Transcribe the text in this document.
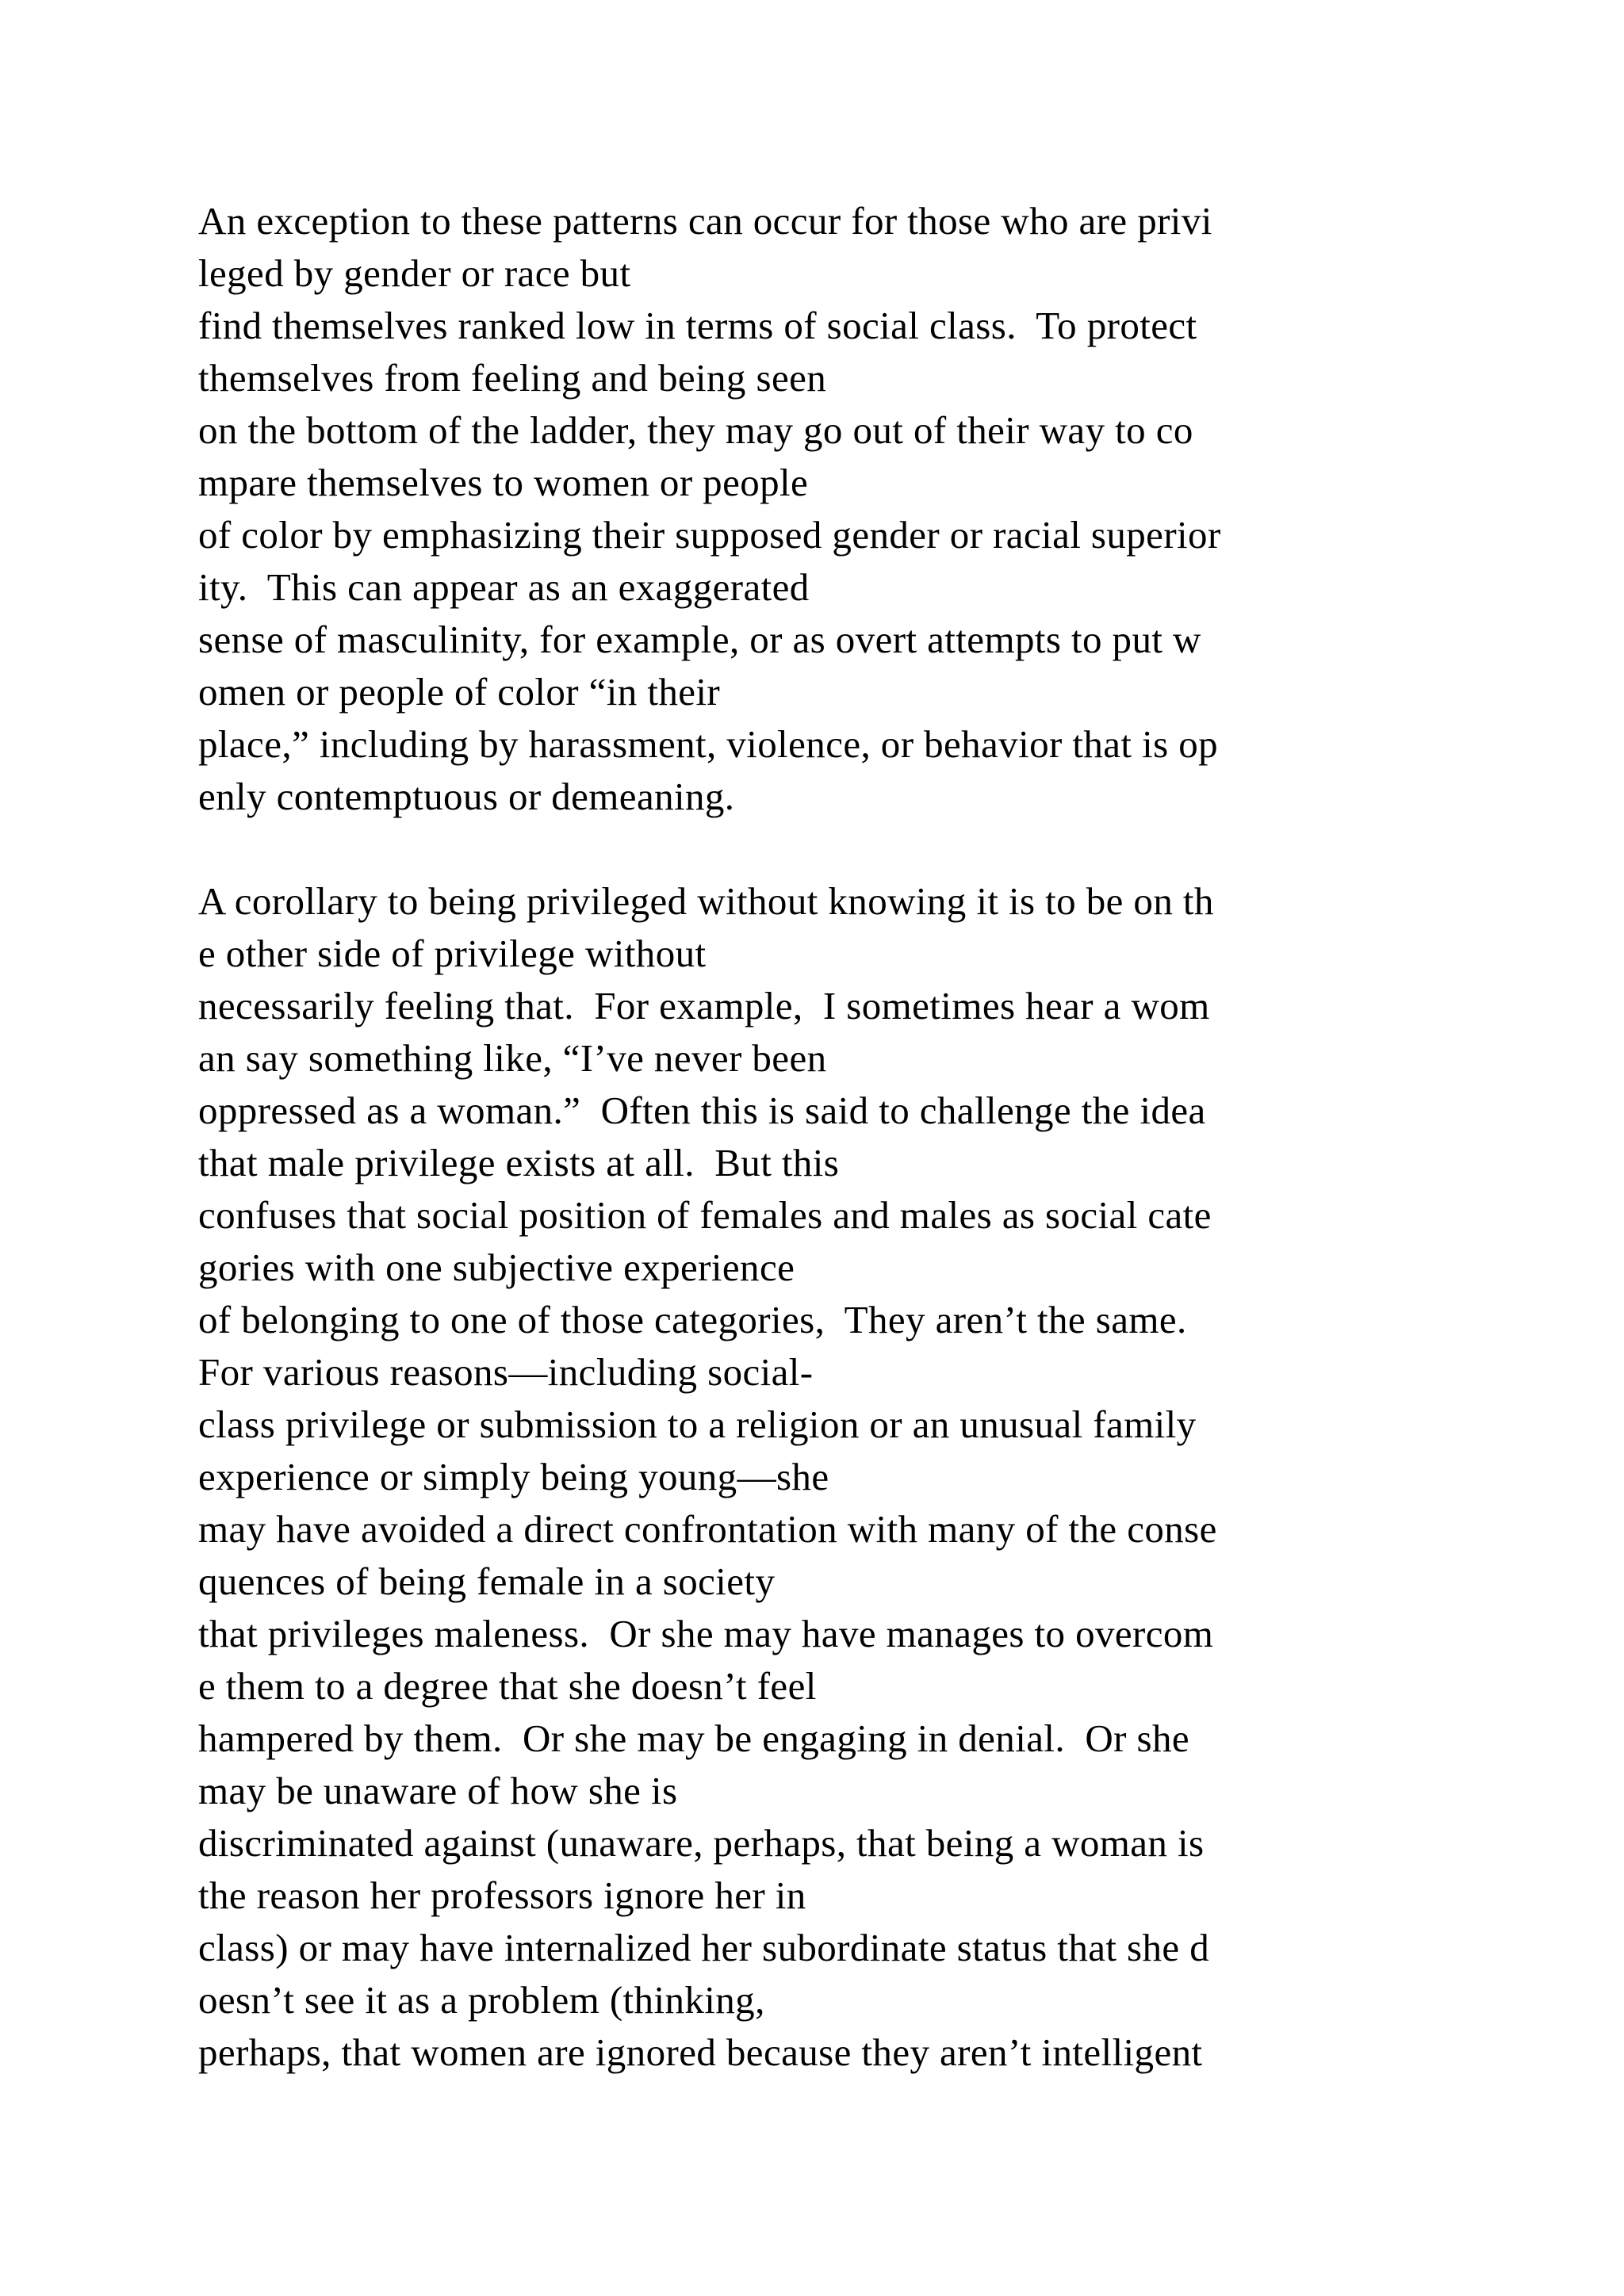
An exception to these patterns can occur for those who are privi
leged by gender or race but
find themselves ranked low in terms of social class.  To protect
themselves from feeling and being seen
on the bottom of the ladder, they may go out of their way to co
mpare themselves to women or people
of color by emphasizing their supposed gender or racial superior
ity.  This can appear as an exaggerated
sense of masculinity, for example, or as overt attempts to put w
omen or people of color “in their
place,” including by harassment, violence, or behavior that is op
enly contemptuous or demeaning.
A corollary to being privileged without knowing it is to be on th
e other side of privilege without
necessarily feeling that.  For example,  I sometimes hear a wom
an say something like, “I’ve never been
oppressed as a woman.”  Often this is said to challenge the idea
that male privilege exists at all.  But this
confuses that social position of females and males as social cate
gories with one subjective experience
of belonging to one of those categories,  They aren’t the same.
For various reasons—including social-
class privilege or submission to a religion or an unusual family
experience or simply being young—she
may have avoided a direct confrontation with many of the conse
quences of being female in a society
that privileges maleness.  Or she may have manages to overcom
e them to a degree that she doesn’t feel
hampered by them.  Or she may be engaging in denial.  Or she
may be unaware of how she is
discriminated against (unaware, perhaps, that being a woman is
the reason her professors ignore her in
class) or may have internalized her subordinate status that she d
oesn’t see it as a problem (thinking,
perhaps, that women are ignored because they aren’t intelligent
